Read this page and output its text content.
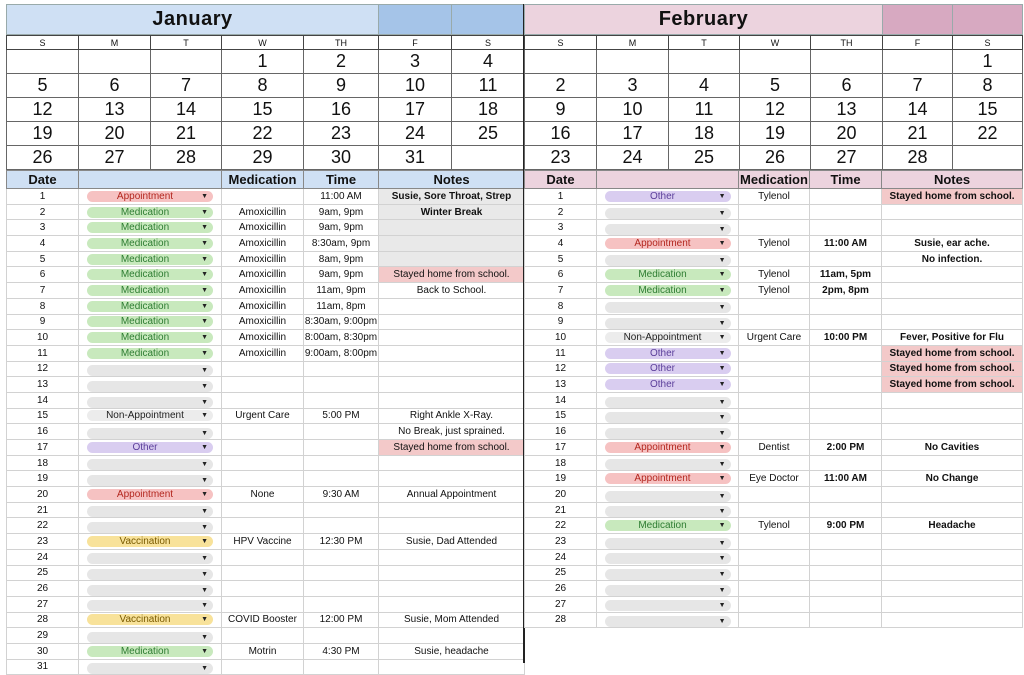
January		
S	M	T	W	TH	F	S
			1	2	3	4
5	6	7	8	9	10	11
12	13	14	15	16	17	18
19	20	21	22	23	24	25
26	27	28	29	30	31	
Date		Medication	Time	Notes
1	Appointment ▼		11:00 AM	Susie, Sore Throat, Strep
2	Medication ▼	Amoxicillin	9am, 9pm	Winter Break
3	Medication ▼	Amoxicillin	9am, 9pm	
4	Medication ▼	Amoxicillin	8:30am, 9pm	
5	Medication ▼	Amoxicillin	8am, 9pm	
6	Medication ▼	Amoxicillin	9am, 9pm	Stayed home from school.
7	Medication ▼	Amoxicillin	11am, 9pm	Back to School.
8	Medication ▼	Amoxicillin	11am, 8pm	
9	Medication ▼	Amoxicillin	8:30am, 9:00pm	
10	Medication ▼	Amoxicillin	8:00am, 8:30pm	
11	Medication ▼	Amoxicillin	9:00am, 8:00pm	
12	▼			

13	▼			

14	▼			

15	Non-Appointment ▼	Urgent Care	5:00 PM	Right Ankle X-Ray.
16	▼			No Break, just sprained.
17	Other ▼			Stayed home from school.
18	▼			

19	▼			

20	Appointment ▼	None	9:30 AM	Annual Appointment
21	▼			

22	▼			

23	Vaccination ▼	HPV Vaccine	12:30 PM	Susie, Dad Attended
24	▼			

25	▼			

26	▼			

27	▼			

28	Vaccination ▼	COVID Booster	12:00 PM	Susie, Mom Attended
29	▼			

30	Medication ▼	Motrin	4:30 PM	Susie, headache
31	▼			

February		
S	M	T	W	TH	F	S
						1
2	3	4	5	6	7	8
9	10	11	12	13	14	15
16	17	18	19	20	21	22
23	24	25	26	27	28	
Date		Medication	Time	Notes
1	Other ▼	Tylenol		Stayed home from school.
2	▼			

3	▼			

4	Appointment ▼	Tylenol	11:00 AM	Susie, ear ache.
5	▼			No infection.
6	Medication ▼	Tylenol	11am, 5pm	
7	Medication ▼	Tylenol	2pm, 8pm	
8	▼			

9	▼			

10	Non-Appointment ▼	Urgent Care	10:00 PM	Fever, Positive for Flu
11	Other ▼			Stayed home from school.
12	Other ▼			Stayed home from school.
13	Other ▼			Stayed home from school.
14	▼			

15	▼			

16	▼			

17	Appointment ▼	Dentist	2:00 PM	No Cavities
18	▼			

19	Appointment ▼	Eye Doctor	11:00 AM	No Change
20	▼			

21	▼			

22	Medication ▼	Tylenol	9:00 PM	Headache
23	▼			

24	▼			

25	▼			

26	▼			

27	▼			

28	▼			
